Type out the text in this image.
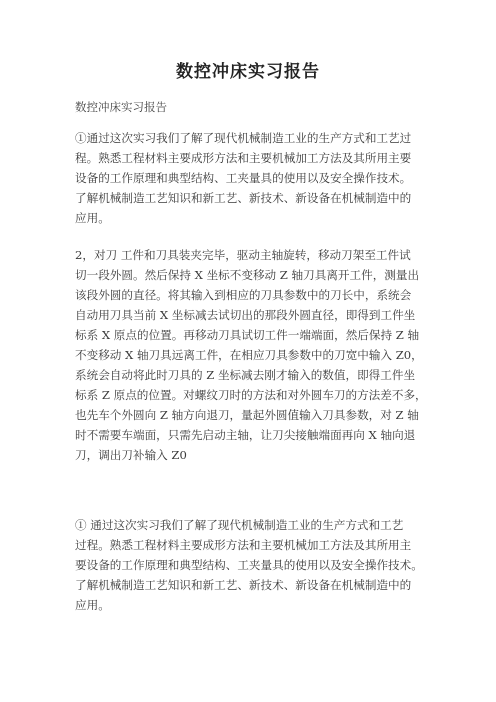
数控冲床实习报告
数控冲床实习报告
①通过这次实习我们了解了现代机械制造工业的生产方式和工艺过
程。熟悉工程材料主要成形方法和主要机械加工方法及其所用主要
设备的工作原理和典型结构、工夹量具的使用以及安全操作技术。
了解机械制造工艺知识和新工艺、新技术、新设备在机械制造中的
应用。
2，对刀 工件和刀具装夹完毕，驱动主轴旋转，移动刀架至工件试
切一段外圆。然后保持 X 坐标不变移动 Z 轴刀具离开工件，测量出
该段外圆的直径。将其输入到相应的刀具参数中的刀长中，系统会
自动用刀具当前 X 坐标减去试切出的那段外圆直径，即得到工件坐
标系 X 原点的位置。再移动刀具试切工件一端端面，然后保持 Z 轴
不变移动 X 轴刀具远离工件，在相应刀具参数中的刀宽中输入 Z0，
系统会自动将此时刀具的 Z 坐标减去刚才输入的数值，即得工件坐
标系 Z 原点的位置。对螺纹刀时的方法和对外圆车刀的方法差不多，
也先车个外圆向 Z 轴方向退刀，量起外圆值输入刀具参数，对 Z 轴
时不需要车端面，只需先启动主轴，让刀尖接触端面再向 X 轴向退
刀，调出刀补输入 Z0
① 通过这次实习我们了解了现代机械制造工业的生产方式和工艺
过程。熟悉工程材料主要成形方法和主要机械加工方法及其所用主
要设备的工作原理和典型结构、工夹量具的使用以及安全操作技术。
了解机械制造工艺知识和新工艺、新技术、新设备在机械制造中的
应用。
